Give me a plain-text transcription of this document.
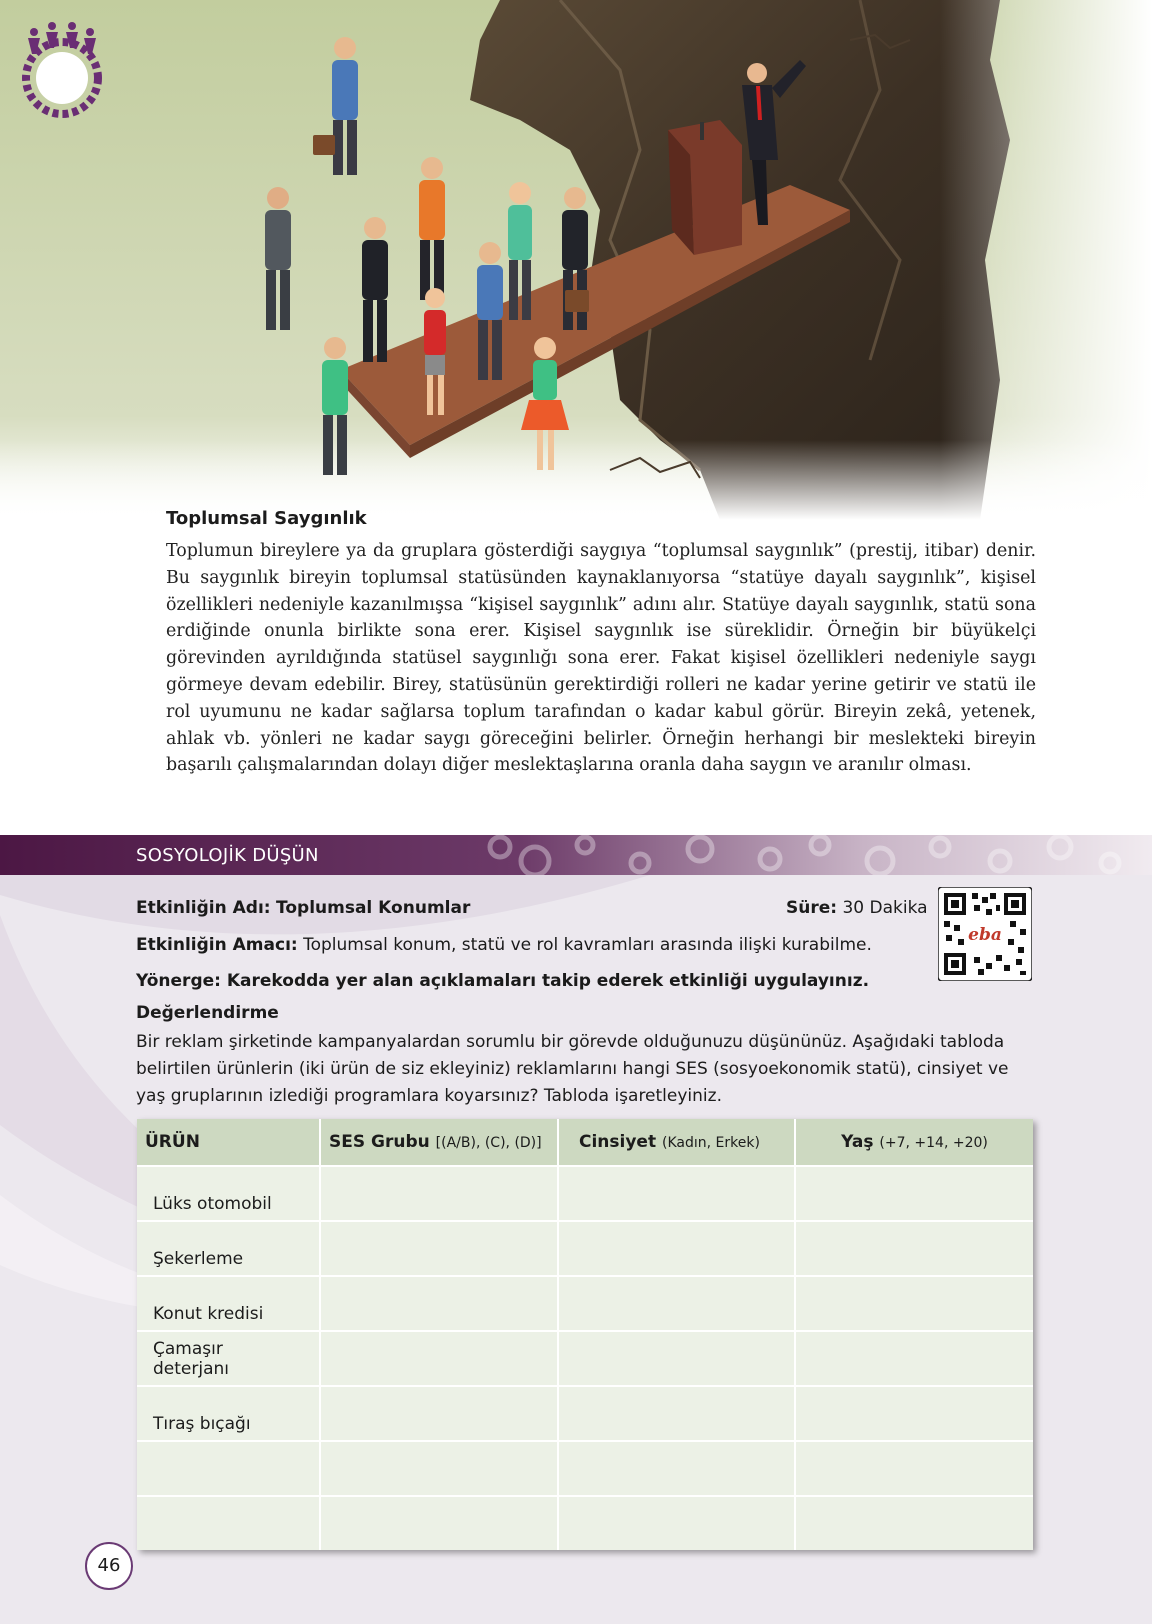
Toplumsal Saygınlık

Toplumun bireylere ya da gruplara gösterdiği saygıya “toplumsal saygınlık” (prestij, itibar) denir. Bu saygınlık bireyin toplumsal statüsünden kaynaklanıyorsa “statüye dayalı saygınlık”, kişisel özellikleri nedeniyle kazanılmışsa “kişisel saygınlık” adını alır. Statüye dayalı saygınlık, statü sona erdiğinde onunla birlikte sona erer. Kişisel saygınlık ise süreklidir. Örneğin bir büyükelçi görevinden ayrıldığında statüsel saygınlığı sona erer. Fakat kişisel özellikleri nedeniyle saygı görmeye devam edebilir. Birey, statüsünün gerektirdiği rolleri ne kadar yerine getirir ve statü ile rol uyumunu ne kadar sağlarsa toplum tarafından o kadar kabul görür. Bireyin zekâ, yetenek, ahlak vb. yönleri ne kadar saygı göreceğini belirler. Örneğin herhangi bir meslekteki bireyin başarılı çalışmalarından dolayı diğer meslektaşlarına oranla daha saygın ve aranılır olması.

SOSYOLOJİK DÜŞÜN
Etkinliğin Adı: Toplumsal Konumlar	Süre: 30 Dakika
Etkinliğin Amacı: Toplumsal konum, statü ve rol kavramları arasında ilişki kurabilme.
Yönerge: Karekodda yer alan açıklamaları takip ederek etkinliği uygulayınız.
eba
Değerlendirme

Bir reklam şirketinde kampanyalardan sorumlu bir görevde olduğunuzu düşününüz. Aşağıdaki tabloda belirtilen ürünlerin (iki ürün de siz ekleyiniz) reklamlarını hangi SES (sosyoekonomik statü), cinsiyet ve yaş gruplarının izlediği programlara koyarsınız? Tabloda işaretleyiniz.

ÜRÜN	SES Grubu [(A/B), (C), (D)]	Cinsiyet (Kadın, Erkek)	Yaş (+7, +14, +20)
Lüks otomobil			
Şekerleme			
Konut kredisi			
Çamaşır deterjanı			
Tıraş bıçağı			

46
